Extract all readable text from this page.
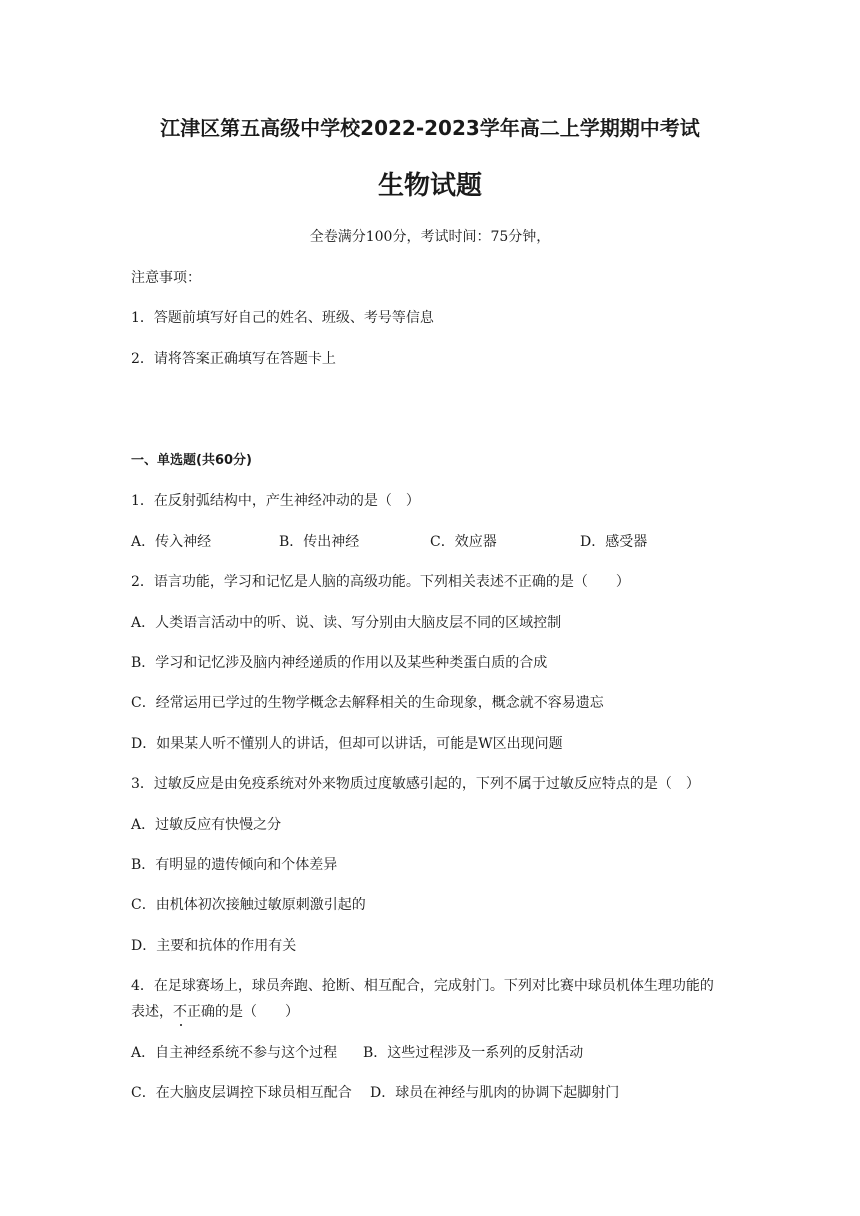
江津区第五高级中学校2022-2023学年高二上学期期中考试
生物试题
全卷满分100分，考试时间：75分钟，
注意事项：
1．答题前填写好自己的姓名、班级、考号等信息
2．请将答案正确填写在答题卡上
一、单选题(共60分)
1．在反射弧结构中，产生神经冲动的是（　）
A．传入神经	B．传出神经	C．效应器	D．感受器
2．语言功能，学习和记忆是人脑的高级功能。下列相关表述不正确的是（　　）
A．人类语言活动中的听、说、读、写分别由大脑皮层不同的区域控制
B．学习和记忆涉及脑内神经递质的作用以及某些种类蛋白质的合成
C．经常运用已学过的生物学概念去解释相关的生命现象，概念就不容易遗忘
D．如果某人听不懂别人的讲话，但却可以讲话，可能是W区出现问题
3．过敏反应是由免疫系统对外来物质过度敏感引起的，下列不属于过敏反应特点的是（　）
A．过敏反应有快慢之分
B．有明显的遗传倾向和个体差异
C．由机体初次接触过敏原刺激引起的
D．主要和抗体的作用有关
4．在足球赛场上，球员奔跑、抢断、相互配合，完成射门。下列对比赛中球员机体生理功能的
表述，不正确的是（　　）
A．自主神经系统不参与这个过程 B．这些过程涉及一系列的反射活动
C．在大脑皮层调控下球员相互配合 D．球员在神经与肌肉的协调下起脚射门
